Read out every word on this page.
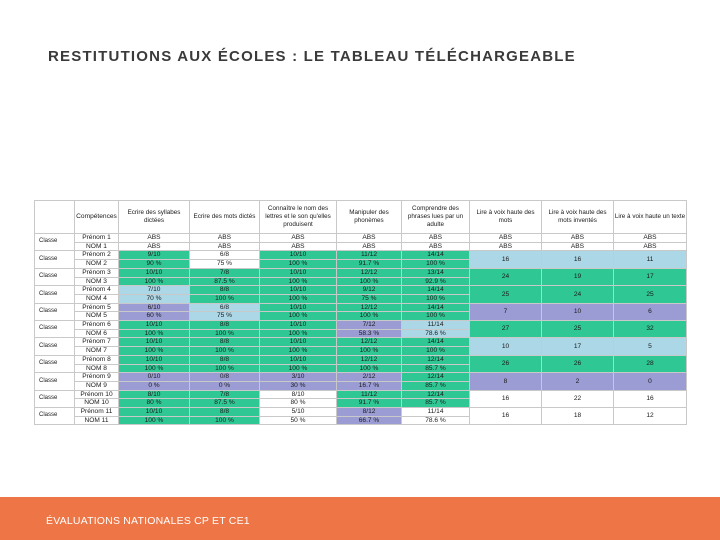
RESTITUTIONS AUX ÉCOLES : LE TABLEAU TÉLÉCHARGEABLE
	Compétences	Ecrire des syllabes dictées	Ecrire des mots dictés	Connaître le nom des lettres et le son qu'elles produisent	Manipuler des phonèmes	Comprendre des phrases lues par un adulte	Lire à voix haute des mots	Lire à voix haute des mots inventés	Lire à voix haute un texte
Classe	Prénom 1	ABS	ABS	ABS	ABS	ABS	ABS	ABS	ABS
	NOM 1	ABS	ABS	ABS	ABS	ABS	ABS	ABS	ABS
Classe	Prénom 2	9/10	6/8	10/10	11/12	14/14	16	16	11
	NOM 2	90 %	75 %	100 %	91.7 %	100 %			
Classe	Prénom 3	10/10	7/8	10/10	12/12	13/14	24	19	17
	NOM 3	100 %	87.5 %	100 %	100 %	92.9 %			
Classe	Prénom 4	7/10	8/8	10/10	9/12	14/14	25	24	25
	NOM 4	70 %	100 %	100 %	75 %	100 %			
Classe	Prénom 5	6/10	6/8	10/10	12/12	14/14	7	10	6
	NOM 5	60 %	75 %	100 %	100 %	100 %			
Classe	Prénom 6	10/10	8/8	10/10	7/12	11/14	27	25	32
	NOM 6	100 %	100 %	100 %	58.3 %	78.6 %			
Classe	Prénom 7	10/10	8/8	10/10	12/12	14/14	10	17	5
	NOM 7	100 %	100 %	100 %	100 %	100 %			
Classe	Prénom 8	10/10	8/8	10/10	12/12	12/14	26	26	28
	NOM 8	100 %	100 %	100 %	100 %	85.7 %			
Classe	Prénom 9	0/10	0/8	3/10	2/12	12/14	8	2	0
	NOM 9	0 %	0 %	30 %	16.7 %	85.7 %			
Classe	Prénom 10	8/10	7/8	8/10	11/12	12/14	16	22	16
	NOM 10	80 %	87.5 %	80 %	91.7 %	85.7 %			
Classe	Prénom 11	10/10	8/8	5/10	8/12	11/14	16	18	12
	NOM 11	100 %	100 %	50 %	66.7 %	78.6 %			
ÉVALUATIONS NATIONALES CP ET CE1
